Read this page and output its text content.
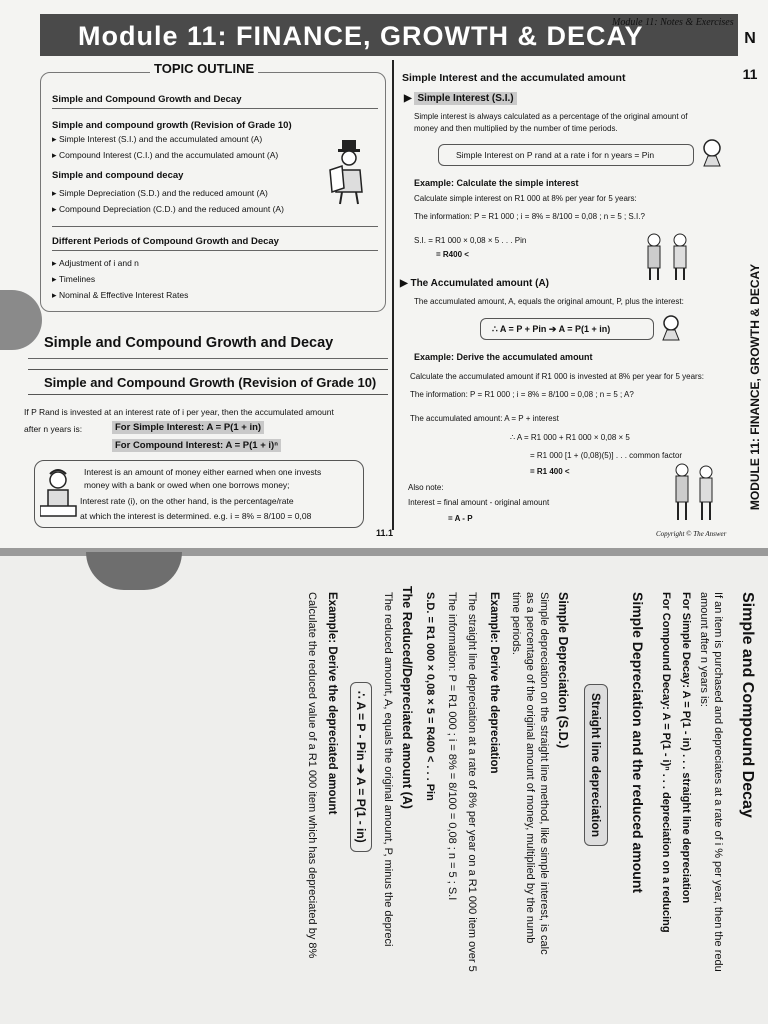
Module 11: FINANCE, GROWTH & DECAY
Module 11: Notes & Exercises
N
11
MODULE 11: FINANCE, GROWTH & DECAY
TOPIC OUTLINE
Simple and Compound Growth and Decay
Simple and compound growth (Revision of Grade 10)
▸ Simple Interest (S.I.) and the accumulated amount (A)
▸ Compound Interest (C.I.) and the accumulated amount (A)
Simple and compound decay
▸ Simple Depreciation (S.D.) and the reduced amount (A)
▸ Compound Depreciation (C.D.) and the reduced amount (A)
Different Periods of Compound Growth and Decay
▸ Adjustment of i and n
▸ Timelines
▸ Nominal & Effective Interest Rates
Simple and Compound Growth and Decay
Simple and Compound Growth (Revision of Grade 10)
If P Rand is invested at an interest rate of i per year, then the accumulated amount
after n years is:	For Simple Interest: A = P(1 + in)
For Compound Interest: A = P(1 + i)ⁿ
Interest is an amount of money either earned when one invests
money with a bank or owed when one borrows money;
Interest rate (i), on the other hand, is the percentage/rate
at which the interest is determined. e.g. i = 8% = 8/100 = 0,08
11.1
Simple Interest and the accumulated amount
▶ Simple Interest (S.I.)
Simple interest is always calculated as a percentage of the original amount of
money and then multiplied by the number of time periods.
Simple Interest on P rand at a rate i for n years = Pin
Example: Calculate the simple interest
Calculate simple interest on R1 000 at 8% per year for 5 years:
The information: P = R1 000 ; i = 8% = 8/100 = 0,08 ; n = 5 ; S.I.?
S.I. = R1 000 × 0,08 × 5 . . . Pin
= R400 <
▶ The Accumulated amount (A)
The accumulated amount, A, equals the original amount, P, plus the interest:
∴ A = P + Pin ➔ A = P(1 + in)
Example: Derive the accumulated amount
Calculate the accumulated amount if R1 000 is invested at 8% per year for 5 years:
The information: P = R1 000 ; i = 8% = 8/100 = 0,08 ; n = 5 ; A?
The accumulated amount: A = P + interest
∴ A = R1 000 + R1 000 × 0,08 × 5
= R1 000 [1 + (0,08)(5)] . . . common factor
= R1 400 <
Also note:
Interest = final amount - original amount
= A - P
Copyright © The Answer
Simple and Compound Decay
If an item is purchased and depreciates at a rate of i % per year, then the redu
amount after n years is:
For Simple Decay: A = P(1 - in) . . . straight line depreciation
For Compound Decay: A = P(1 - i)ⁿ . . . depreciation on a reducing
Simple Depreciation and the reduced amount
Straight line depreciation
Simple Depreciation (S.D.)
Simple depreciation on the straight line method, like simple interest, is calc
as a percentage of the original amount of money, multiplied by the numb
time periods.
Example: Derive the depreciation
The straight line depreciation at a rate of 8% per year on a R1 000 item over 5
The information: P = R1 000 ; i = 8% = 8/100 = 0,08 ; n = 5 ; S.I
S.D. = R1 000 × 0,08 × 5 = R400 < . . . Pin
The Reduced/Depreciated amount (A)
The reduced amount, A, equals the original amount, P, minus the depreci
∴ A = P - Pin ➔ A = P(1 - in)
Example: Derive the depreciated amount
Calculate the reduced value of a R1 000 item which has depreciated by 8%
